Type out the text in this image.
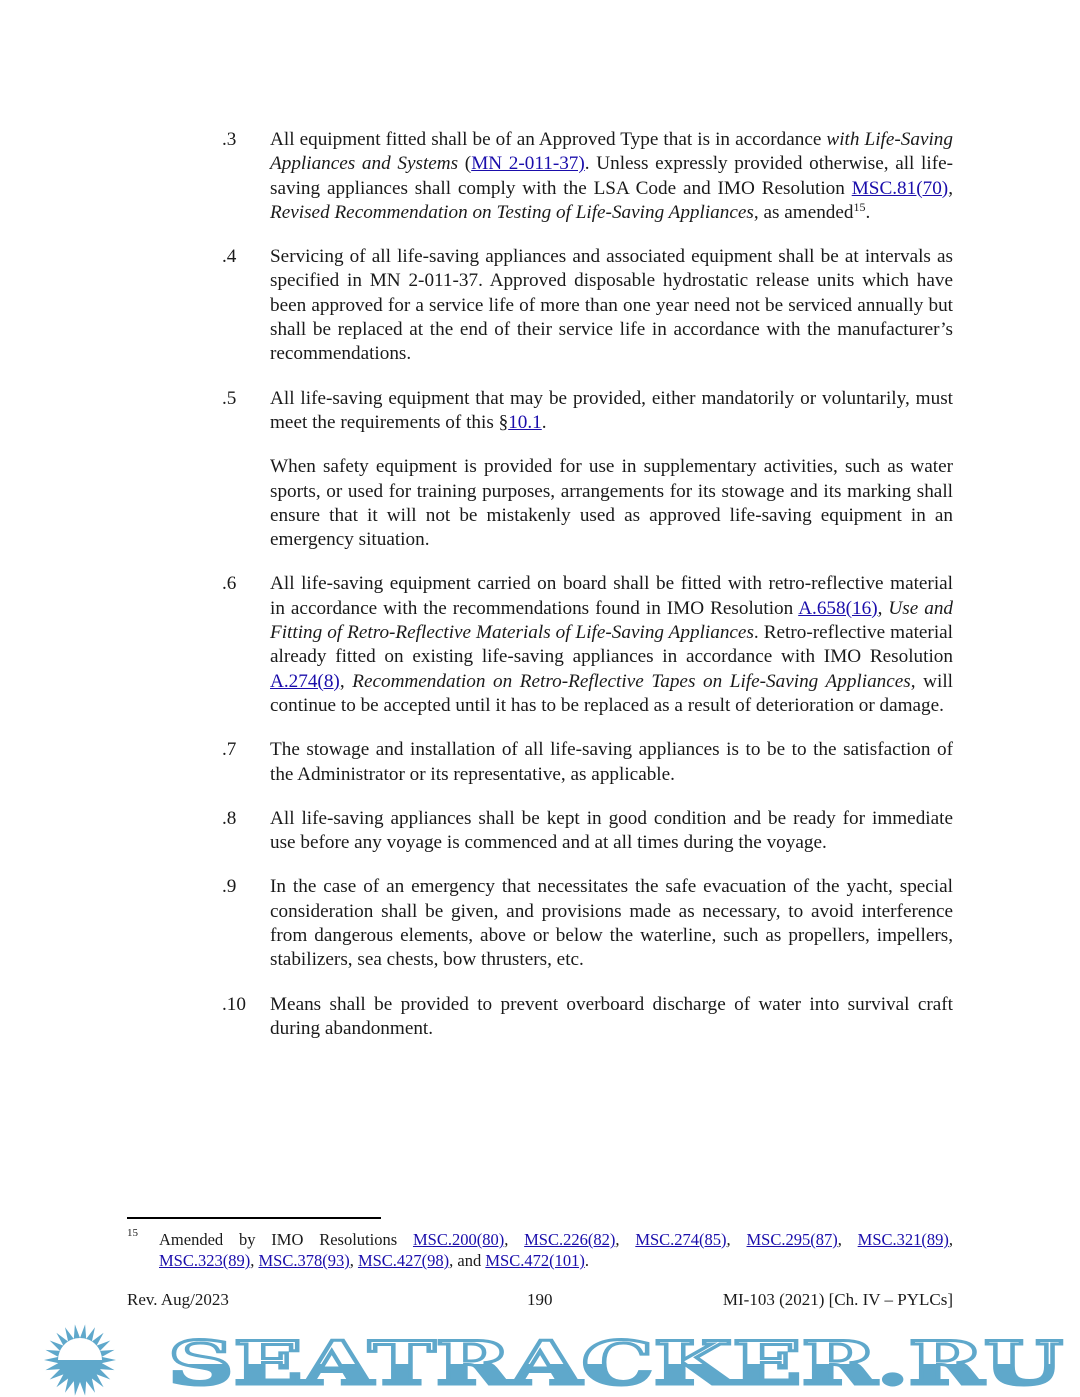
.3	All equipment fitted shall be of an Approved Type that is in accordance with Life-Saving Appliances and Systems (MN 2-011-37). Unless expressly provided otherwise, all life-saving appliances shall comply with the LSA Code and IMO Resolution MSC.81(70), Revised Recommendation on Testing of Life-Saving Appliances, as amended$^{15}$.
.4	Servicing of all life-saving appliances and associated equipment shall be at intervals as specified in MN 2-011-37. Approved disposable hydrostatic release units which have been approved for a service life of more than one year need not be serviced annually but shall be replaced at the end of their service life in accordance with the manufacturer’s recommendations.
.5	All life-saving equipment that may be provided, either mandatorily or voluntarily, must meet the requirements of this §10.1.
When safety equipment is provided for use in supplementary activities, such as water sports, or used for training purposes, arrangements for its stowage and its marking shall ensure that it will not be mistakenly used as approved life-saving equipment in an emergency situation.
.6	All life-saving equipment carried on board shall be fitted with retro-reflective material in accordance with the recommendations found in IMO Resolution A.658(16), Use and Fitting of Retro-Reflective Materials of Life-Saving Appliances. Retro-reflective material already fitted on existing life-saving appliances in accordance with IMO Resolution A.274(8), Recommendation on Retro-Reflective Tapes on Life-Saving Appliances, will continue to be accepted until it has to be replaced as a result of deterioration or damage.
.7	The stowage and installation of all life-saving appliances is to be to the satisfaction of the Administrator or its representative, as applicable.
.8	All life-saving appliances shall be kept in good condition and be ready for immediate use before any voyage is commenced and at all times during the voyage.
.9	In the case of an emergency that necessitates the safe evacuation of the yacht, special consideration shall be given, and provisions made as necessary, to avoid interference from dangerous elements, above or below the waterline, such as propellers, impellers, stabilizers, sea chests, bow thrusters, etc.
.10	Means shall be provided to prevent overboard discharge of water into survival craft during abandonment.
15 Amended by IMO Resolutions MSC.200(80), MSC.226(82), MSC.274(85), MSC.295(87), MSC.321(89), MSC.323(89), MSC.378(93), MSC.427(98), and MSC.472(101).
Rev. Aug/2023	190	MI-103 (2021) [Ch. IV – PYLCs]
SEATRACKER.RU
